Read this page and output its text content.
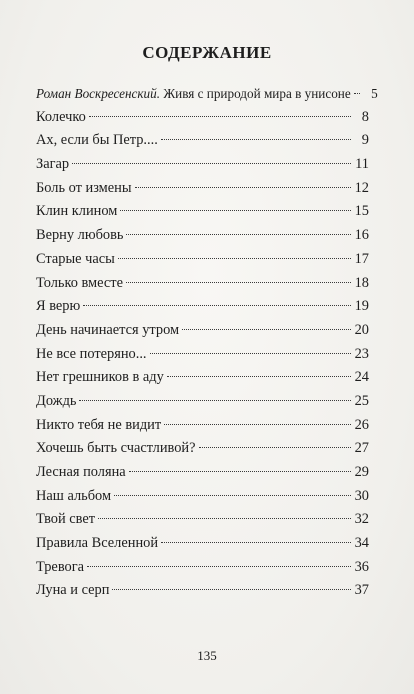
СОДЕРЖАНИЕ
Роман Воскресенский. Живя с природой мира в унисоне	5
Колечко	8
Ах, если бы Петр....	9
Загар	11
Боль от измены	12
Клин клином	15
Верну любовь	16
Старые часы	17
Только вместе	18
Я верю	19
День начинается утром	20
Не все потеряно...	23
Нет грешников в аду	24
Дождь	25
Никто тебя не видит	26
Хочешь быть счастливой?	27
Лесная поляна	29
Наш альбом	30
Твой свет	32
Правила Вселенной	34
Тревога	36
Луна и серп	37
135
